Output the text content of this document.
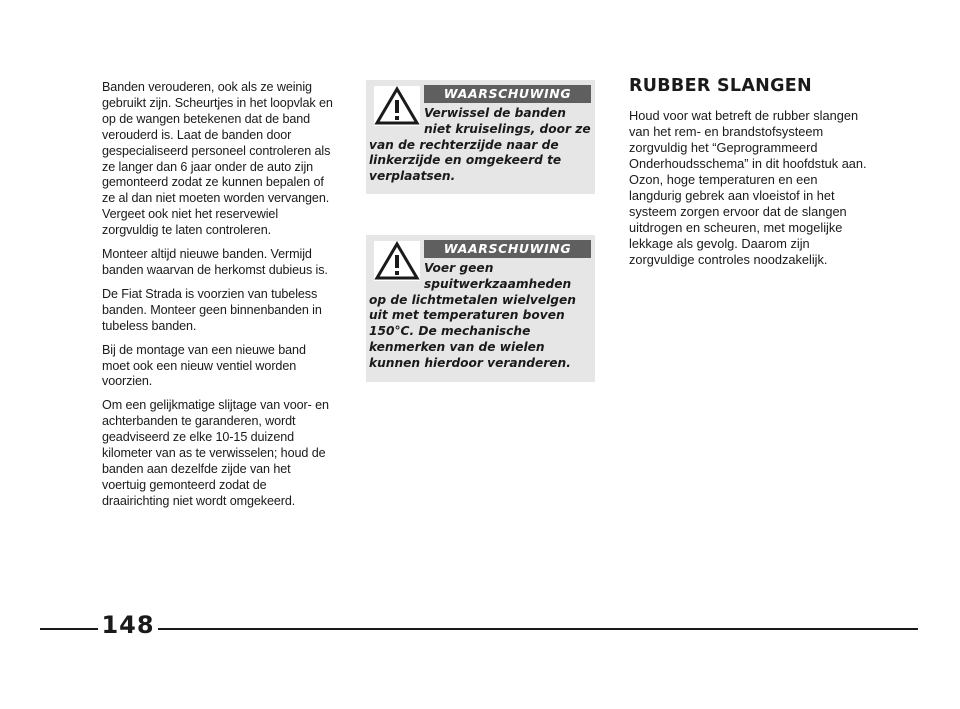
Banden verouderen, ook als ze weinig gebruikt zijn. Scheurtjes in het loopvlak en op de wangen betekenen dat de band verouderd is. Laat de banden door gespecialiseerd personeel controleren als ze langer dan 6 jaar onder de auto zijn gemonteerd zodat ze kunnen bepalen of ze al dan niet moeten worden vervangen. Vergeet ook niet het reservewiel zorgvuldig te laten controleren.

Monteer altijd nieuwe banden. Vermijd banden waarvan de herkomst dubieus is.

De Fiat Strada is voorzien van tubeless banden. Monteer geen binnenbanden in tubeless banden.

Bij de montage van een nieuwe band moet ook een nieuw ventiel worden voorzien.

Om een gelijkmatige slijtage van voor- en achterbanden te garanderen, wordt geadviseerd ze elke 10-15 duizend kilometer van as te verwisselen; houd de banden aan dezelfde zijde van het voertuig gemonteerd zodat de draairichting niet wordt omgekeerd.

WAARSCHUWING
Verwissel de banden niet kruiselings, door ze
van de rechterzijde naar de linkerzijde en omgekeerd te verplaatsen.
WAARSCHUWING
Voer geen spuitwerkzaamheden
op de lichtmetalen wielvelgen uit met temperaturen boven 150°C. De mechanische kenmerken van de wielen kunnen hierdoor veranderen.
RUBBER SLANGEN

Houd voor wat betreft de rubber slangen van het rem- en brandstofsysteem zorgvuldig het “Geprogrammeerd Onderhoudsschema” in dit hoofdstuk aan. Ozon, hoge temperaturen en een langdurig gebrek aan vloeistof in het systeem zorgen ervoor dat de slangen uitdrogen en scheuren, met mogelijke lekkage als gevolg. Daarom zijn zorgvuldige controles noodzakelijk.

148
